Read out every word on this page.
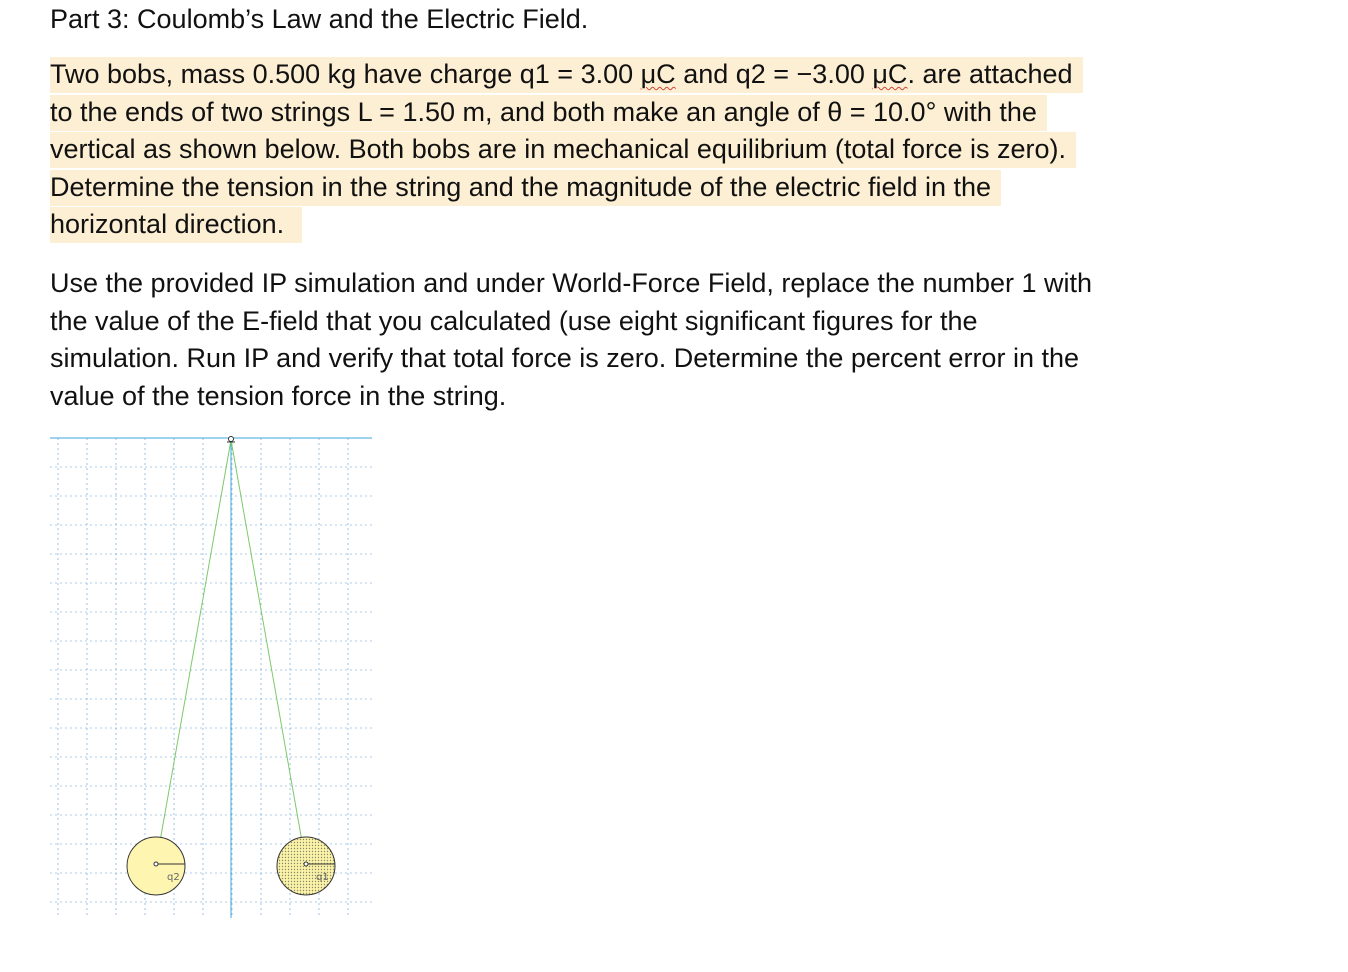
Part 3: Coulomb’s Law and the Electric Field.
Two bobs, mass 0.500 kg have charge q1 = 3.00 μC and q2 = −3.00 μC. are attached
to the ends of two strings L = 1.50 m, and both make an angle of θ = 10.0° with the
vertical as shown below. Both bobs are in mechanical equilibrium (total force is zero).
Determine the tension in the string and the magnitude of the electric field in the
horizontal direction.
Use the provided IP simulation and under World-Force Field, replace the number 1 with
the value of the E-field that you calculated (use eight significant figures for the
simulation. Run IP and verify that total force is zero. Determine the percent error in the
value of the tension force in the string.
q2	q1
